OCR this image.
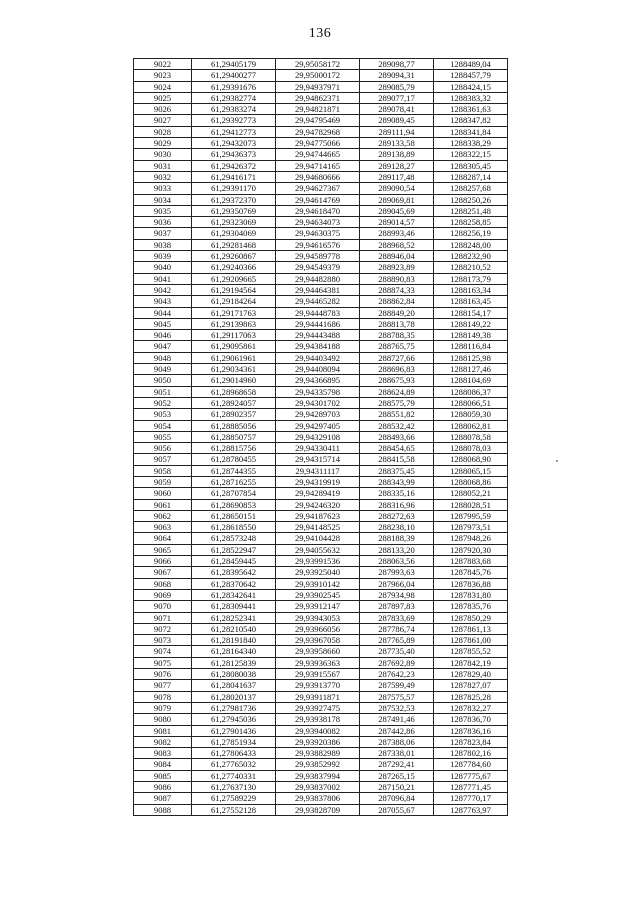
136
9022	61,29405179	29,95058172	289098,77	1288489,04
9023	61,29400277	29,95000172	289094,31	1288457,79
9024	61,29391676	29,94937971	289085,79	1288424,15
9025	61,29382774	29,94862371	289077,17	1288383,32
9026	61,29383274	29,94821871	289078,41	1288361,63
9027	61,29392773	29,94795469	289089,45	1288347,82
9028	61,29412773	29,94782968	289111,94	1288341,84
9029	61,29432073	29,94775066	289133,58	1288338,29
9030	61,29436373	29,94744665	289138,89	1288322,15
9031	61,29426372	29,94714165	289128,27	1288305,45
9032	61,29416171	29,94680666	289117,48	1288287,14
9033	61,29391170	29,94627367	289090,54	1288257,68
9034	61,29372370	29,94614769	289069,81	1288250,26
9035	61,29350769	29,94618470	289045,69	1288251,48
9036	61,29323069	29,94634073	289014,57	1288258,85
9037	61,29304069	29,94630375	288993,46	1288256,19
9038	61,29281468	29,94616576	288968,52	1288248,00
9039	61,29260867	29,94589778	288946,04	1288232,90
9040	61,29240366	29,94549379	288923,89	1288210,52
9041	61,29209665	29,94482880	288890,83	1288173,79
9042	61,29194564	29,94464381	288874,33	1288163,34
9043	61,29184264	29,94465282	288862,84	1288163,45
9044	61,29171763	29,94448783	288849,20	1288154,17
9045	61,29139863	29,94441686	288813,78	1288149,22
9046	61,29117063	29,94443488	288788,35	1288149,38
9047	61,29095861	29,94384188	288765,75	1288116,84
9048	61,29061961	29,94403492	288727,66	1288125,98
9049	61,29034361	29,94408094	288696,83	1288127,46
9050	61,29014960	29,94366895	288675,93	1288104,69
9051	61,28968658	29,94335798	288624,89	1288086,37
9052	61,28924057	29,94301702	288575,79	1288066,51
9053	61,28902357	29,94289703	288551,82	1288059,30
9054	61,28885056	29,94297405	288532,42	1288062,81
9055	61,28850757	29,94329108	288493,66	1288078,58
9056	61,28815756	29,94330411	288454,65	1288078,03
9057	61,28780455	29,94315714	288415,58	1288068,90
9058	61,28744355	29,94311117	288375,45	1288065,15
9059	61,28716255	29,94319919	288343,99	1288068,86
9060	61,28707854	29,94289419	288335,16	1288052,21
9061	61,28690853	29,94246320	288316,96	1288028,51
9062	61,28650151	29,94187623	288272,63	1287995,59
9063	61,28618550	29,94148525	288238,10	1287973,51
9064	61,28573248	29,94104428	288188,39	1287948,26
9065	61,28522947	29,94055632	288133,20	1287920,30
9066	61,28459445	29,93991536	288063,56	1287883,68
9067	61,28395642	29,93925040	287993,63	1287845,76
9068	61,28370642	29,93910142	287966,04	1287836,88
9069	61,28342641	29,93902545	287934,98	1287831,80
9070	61,28309441	29,93912147	287897,83	1287835,76
9071	61,28252341	29,93943053	287833,69	1287850,29
9072	61,28210540	29,93966056	287786,74	1287861,13
9073	61,28191840	29,93967058	287765,89	1287861,00
9074	61,28164340	29,93958660	287735,40	1287855,52
9075	61,28125839	29,93936363	287692,89	1287842,19
9076	61,28080038	29,93915567	287642,23	1287829,40
9077	61,28041637	29,93913770	287599,49	1287827,07
9078	61,28020137	29,93911871	287575,57	1287825,28
9079	61,27981736	29,93927475	287532,53	1287832,27
9080	61,27945036	29,93938178	287491,46	1287836,70
9081	61,27901436	29,93940082	287442,86	1287836,16
9082	61,27851934	29,93920386	287388,06	1287823,84
9083	61,27806433	29,93882989	287338,01	1287802,16
9084	61,27765032	29,93852992	287292,41	1287784,60
9085	61,27740331	29,93837994	287265,15	1287775,67
9086	61,27637130	29,93837002	287150,21	1287771,45
9087	61,27589229	29,93837806	287096,84	1287770,17
9088	61,27552128	29,93828709	287055,67	1287763,97
